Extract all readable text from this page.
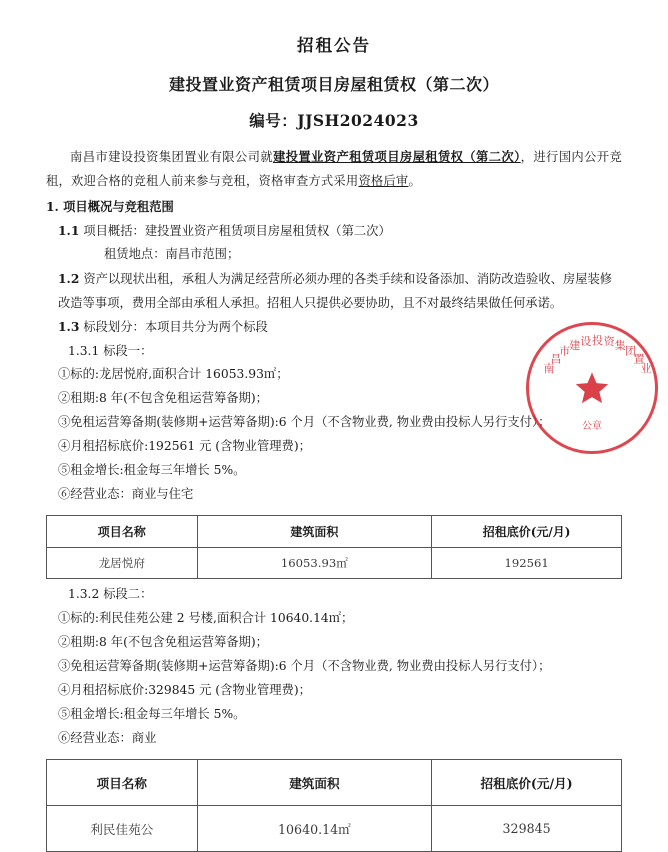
南
昌
市 建 设 投 资 集 团
置
业
公章
招租公告
建投置业资产租赁项目房屋租赁权（第二次）
编号：JJSH2024023

南昌市建设投资集团置业有限公司就建投置业资产租赁项目房屋租赁权（第二次），进行国内公开竞租，欢迎合格的竞租人前来参与竞租，资格审查方式采用资格后审。

1. 项目概况与竞租范围

1.1 项目概括：建投置业资产租赁项目房屋租赁权（第二次）

租赁地点：南昌市范围；

1.2 资产以现状出租，承租人为满足经营所必须办理的各类手续和设备添加、消防改造验收、房屋装修改造等事项，费用全部由承租人承担。招租人只提供必要协助，且不对最终结果做任何承诺。

1.3 标段划分：本项目共分为两个标段

1.3.1 标段一：

①标的:龙居悦府,面积合计 16053.93㎡；

②租期:8 年(不包含免租运营筹备期)；

③免租运营筹备期(装修期+运营筹备期):6 个月（不含物业费, 物业费由投标人另行支付）；

④月租招标底价:192561 元 (含物业管理费)；

⑤租金增长:租金每三年增长 5%。

⑥经营业态：商业与住宅

项目名称	建筑面积	招租底价(元/月)
龙居悦府	16053.93㎡	192561

1.3.2 标段二：

①标的:利民佳苑公建 2 号楼,面积合计 10640.14㎡；

②租期:8 年(不包含免租运营筹备期)；

③免租运营筹备期(装修期+运营筹备期):6 个月（不含物业费, 物业费由投标人另行支付）；

④月租招标底价:329845 元 (含物业管理费)；

⑤租金增长:租金每三年增长 5%。

⑥经营业态：商业

项目名称	建筑面积	招租底价(元/月)
利民佳苑公	10640.14㎡	329845
